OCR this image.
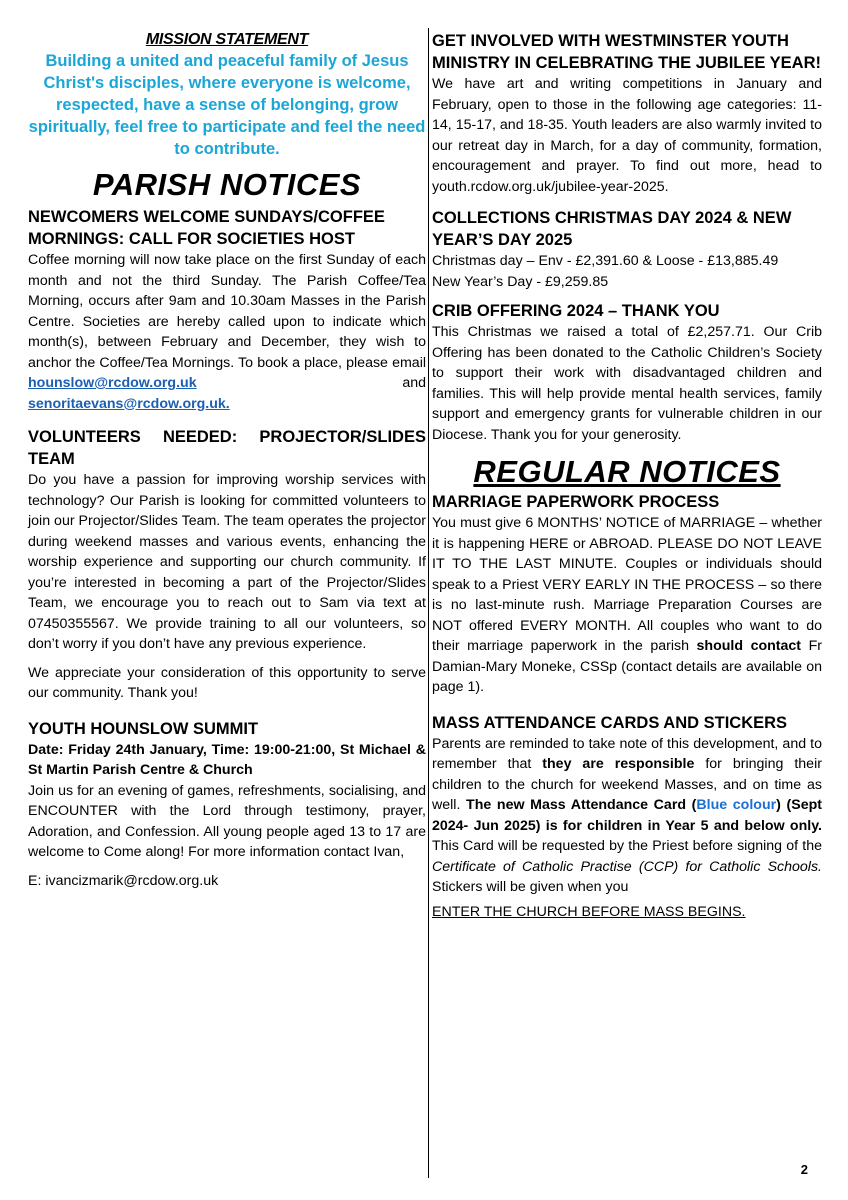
MISSION STATEMENT

Building a united and peaceful family of Jesus Christ's disciples, where everyone is welcome, respected, have a sense of belonging, grow spiritually, feel free to participate and feel the need to contribute.

PARISH NOTICES

NEWCOMERS WELCOME SUNDAYS/COFFEE MORNINGS: CALL FOR SOCIETIES HOST

Coffee morning will now take place on the first Sunday of each month and not the third Sunday. The Parish Coffee/Tea Morning, occurs after 9am and 10.30am Masses in the Parish Centre. Societies are hereby called upon to indicate which month(s), between February and December, they wish to anchor the Coffee/Tea Mornings. To book a place, please email hounslow@rcdow.org.uk	and senoritaevans@rcdow.org.uk.

VOLUNTEERS NEEDED: PROJECTOR/SLIDES TEAM

Do you have a passion for improving worship services with technology? Our Parish is looking for committed volunteers to join our Projector/Slides Team. The team operates the projector during weekend masses and various events, enhancing the worship experience and supporting our church community. If you’re interested in becoming a part of the Projector/Slides Team, we encourage you to reach out to Sam via text at 07450355567. We provide training to all our volunteers, so don’t worry if you don’t have any previous experience.

We appreciate your consideration of this opportunity to serve our community. Thank you!

YOUTH HOUNSLOW SUMMIT

Date: Friday 24th January, Time: 19:00-21:00, St Michael & St Martin Parish Centre & Church

Join us for an evening of games, refreshments, socialising, and ENCOUNTER with the Lord through testimony, prayer, Adoration, and Confession. All young people aged 13 to 17 are welcome to Come along! For more information contact Ivan,

E: ivancizmarik@rcdow.org.uk

GET INVOLVED WITH WESTMINSTER YOUTH MINISTRY IN CELEBRATING THE JUBILEE YEAR!

We have art and writing competitions in January and February, open to those in the following age categories: 11-14, 15-17, and 18-35. Youth leaders are also warmly invited to our retreat day in March, for a day of community, formation, encouragement and prayer. To find out more, head to youth.rcdow.org.uk/jubilee-year-2025.

COLLECTIONS CHRISTMAS DAY 2024 & NEW YEAR’S DAY 2025

Christmas day – Env - £2,391.60 & Loose - £13,885.49

New Year’s Day - £9,259.85

CRIB OFFERING 2024 – THANK YOU

This Christmas we raised a total of £2,257.71. Our Crib Offering has been donated to the Catholic Children’s Society to support their work with disadvantaged children and families. This will help provide mental health services, family support and emergency grants for vulnerable children in our Diocese. Thank you for your generosity.

REGULAR NOTICES

MARRIAGE PAPERWORK PROCESS

You must give 6 MONTHS’ NOTICE of MARRIAGE – whether it is happening HERE or ABROAD. PLEASE DO NOT LEAVE IT TO THE LAST MINUTE. Couples or individuals should speak to a Priest VERY EARLY IN THE PROCESS – so there is no last-minute rush. Marriage Preparation Courses are NOT offered EVERY MONTH. All couples who want to do their marriage paperwork in the parish should contact Fr Damian-Mary Moneke, CSSp (contact details are available on page 1).

MASS ATTENDANCE CARDS AND STICKERS

Parents are reminded to take note of this development, and to remember that they are responsible for bringing their children to the church for weekend Masses, and on time as well. The new Mass Attendance Card (Blue colour) (Sept 2024- Jun 2025) is for children in Year 5 and below only. This Card will be requested by the Priest before signing of the Certificate of Catholic Practise (CCP) for Catholic Schools. Stickers will be given when you

ENTER THE CHURCH BEFORE MASS BEGINS.

2
